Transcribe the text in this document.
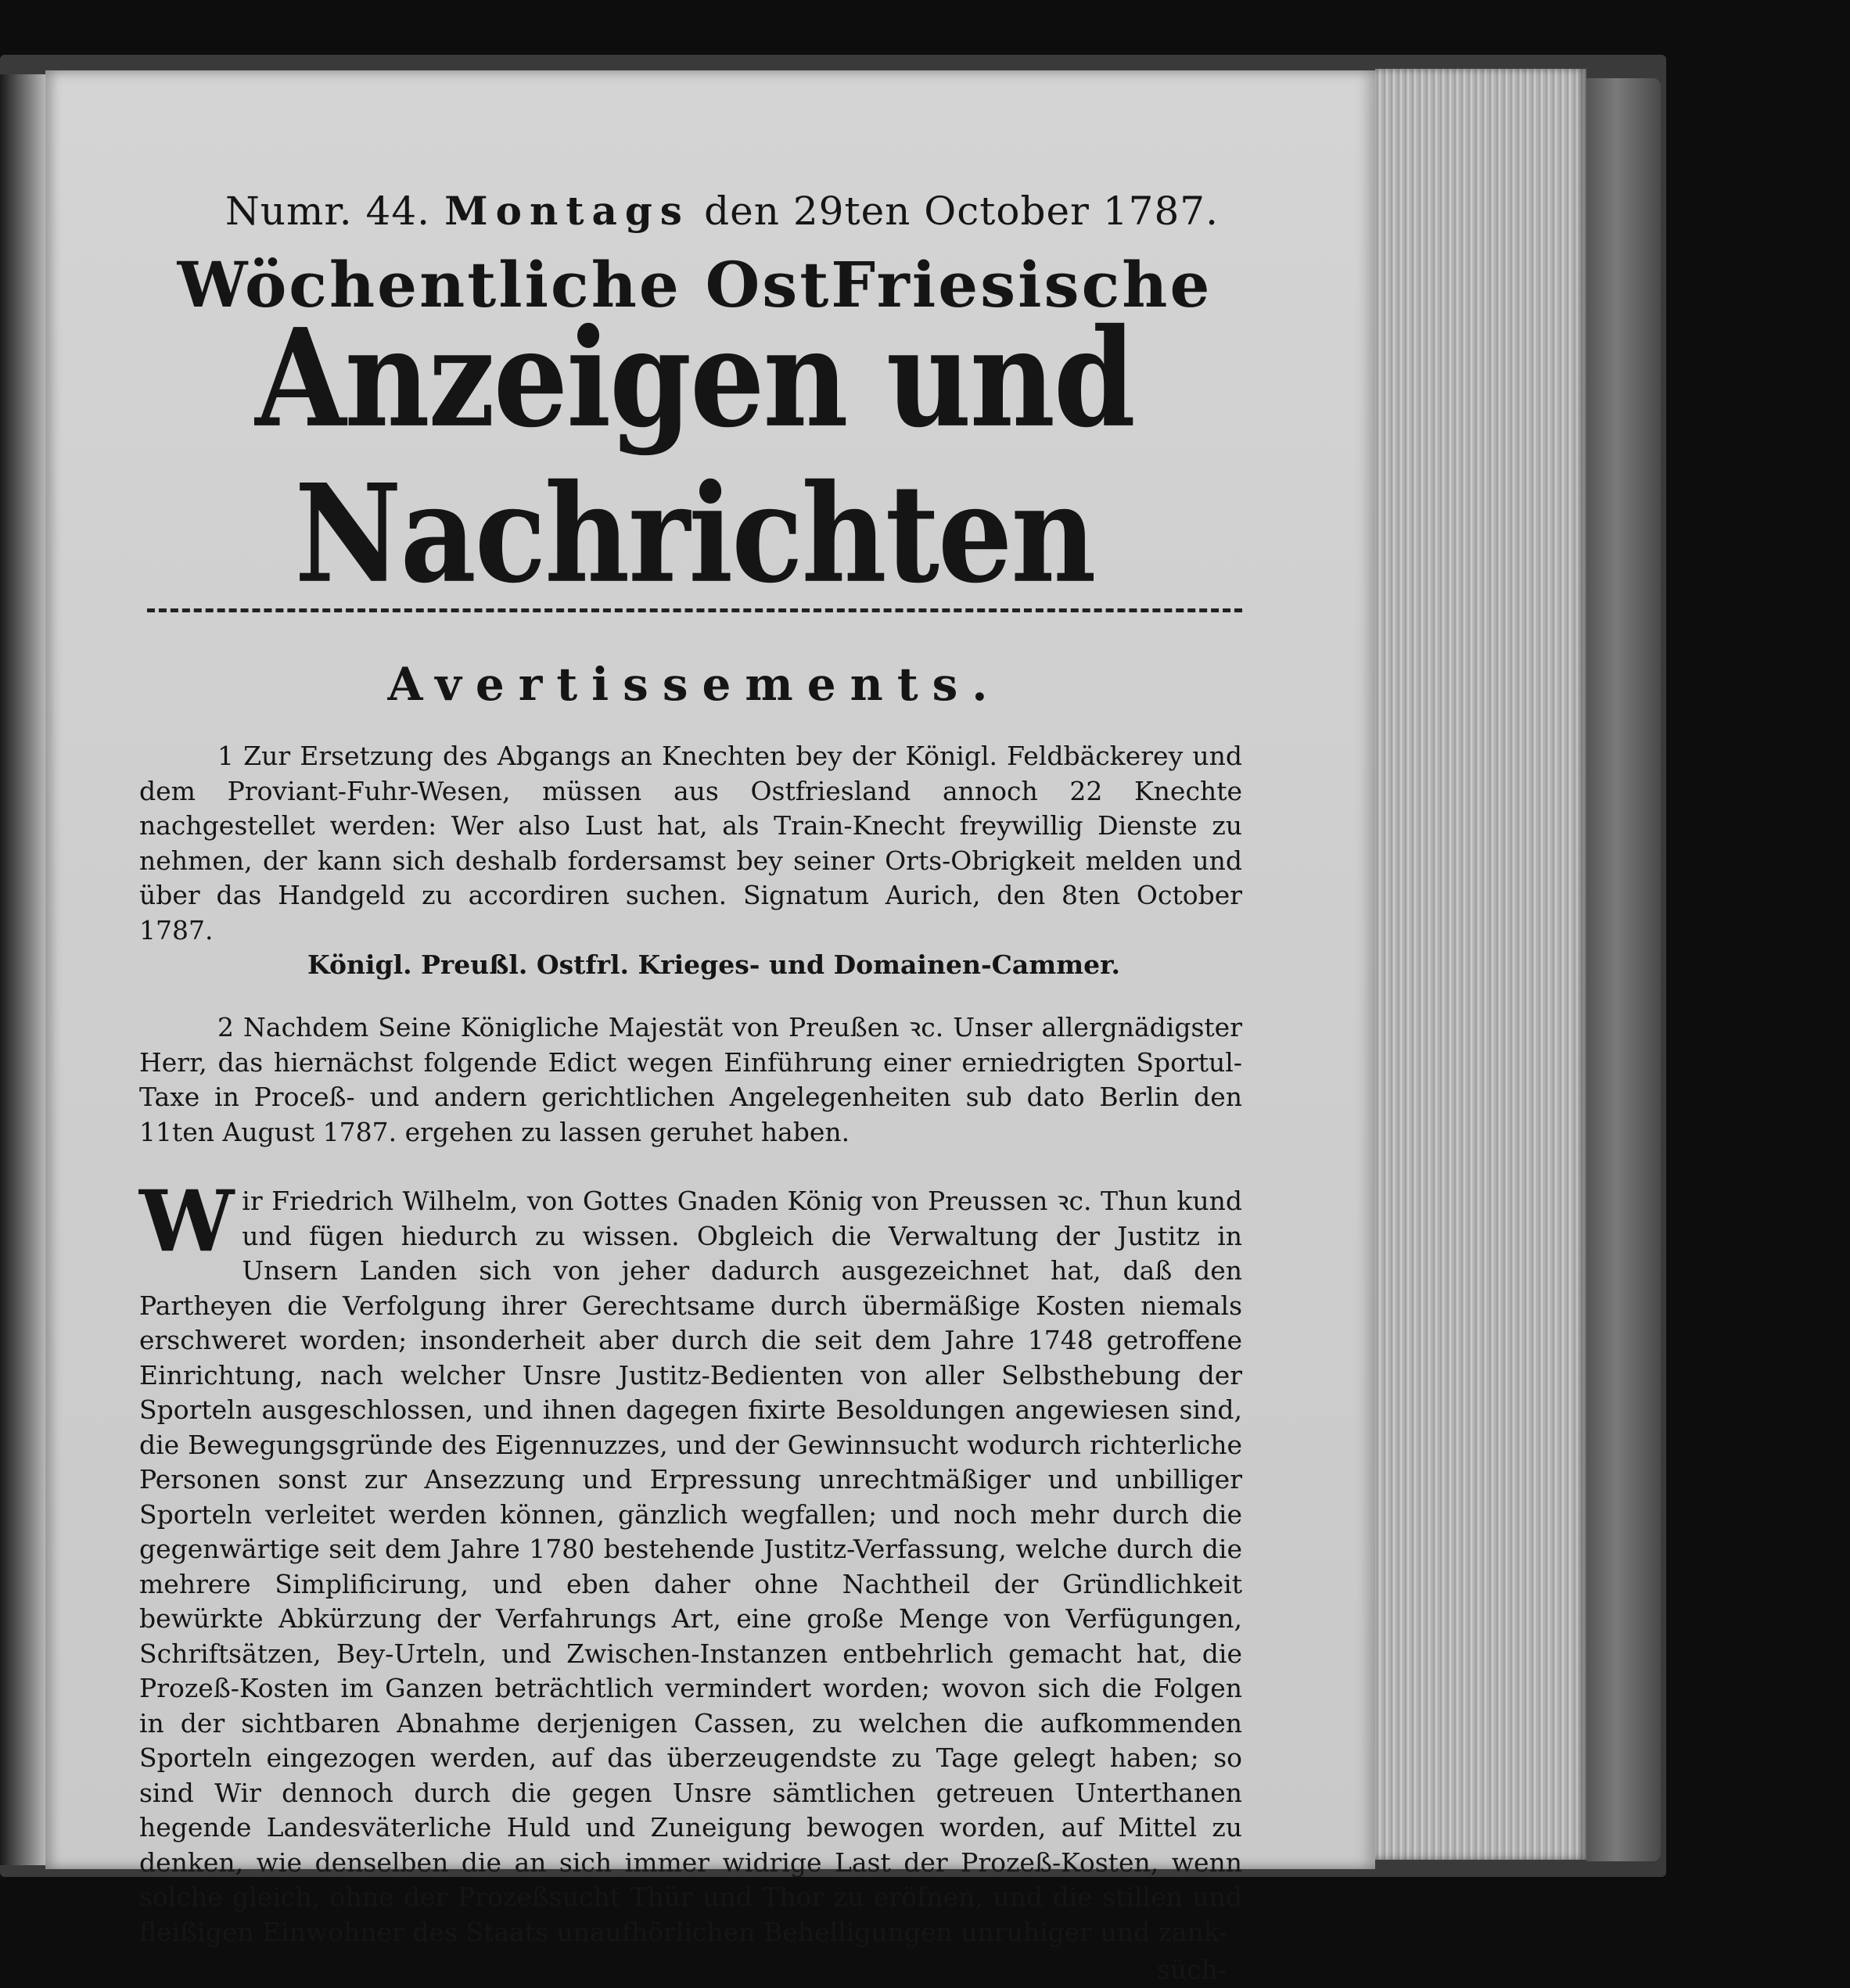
Numr. 44. Montags den 29ten October 1787.
Wöchentliche OstFriesische
Anzeigen und Nachrichten
Avertissements.

1 Zur Ersetzung des Abgangs an Knechten bey der Königl. Feldbäckerey und dem Proviant-Fuhr-Wesen, müssen aus Ostfriesland annoch 22 Knechte nachgestellet werden: Wer also Lust hat, als Train-Knecht freywillig Dienste zu nehmen, der kann sich deshalb fordersamst bey seiner Orts-Obrigkeit melden und über das Handgeld zu accordiren suchen. Signatum Aurich, den 8ten October 1787.

Königl. Preußl. Ostfrl. Krieges- und Domainen-Cammer.

2 Nachdem Seine Königliche Majestät von Preußen ꝛc. Unser allergnädigster Herr, das hiernächst folgende Edict wegen Einführung einer erniedrigten Sportul-Taxe in Proceß- und andern gerichtlichen Angelegenheiten sub dato Berlin den 11ten August 1787. ergehen zu lassen geruhet haben.

W ir Friedrich Wilhelm, von Gottes Gnaden König von Preussen ꝛc. Thun kund und fügen hiedurch zu wissen. Obgleich die Verwaltung der Justitz in Unsern Landen sich von jeher dadurch ausgezeichnet hat, daß den Partheyen die Verfolgung ihrer Gerechtsame durch übermäßige Kosten niemals erschweret worden; insonderheit aber durch die seit dem Jahre 1748 getroffene Einrichtung, nach welcher Unsre Justitz-Bedienten von aller Selbsthebung der Sporteln ausgeschlossen, und ihnen dagegen fixirte Besoldungen angewiesen sind, die Bewegungsgründe des Eigennuzzes, und der Gewinnsucht wodurch richterliche Personen sonst zur Ansezzung und Erpressung unrechtmäßiger und unbilliger Sporteln verleitet werden können, gänzlich wegfallen; und noch mehr durch die gegenwärtige seit dem Jahre 1780 bestehende Justitz-Verfassung, welche durch die mehrere Simplificirung, und eben daher ohne Nachtheil der Gründlichkeit bewürkte Abkürzung der Verfahrungs Art, eine große Menge von Verfügungen, Schriftsätzen, Bey-Urteln, und Zwischen-Instanzen entbehrlich gemacht hat, die Prozeß-Kosten im Ganzen beträchtlich vermindert worden; wovon sich die Folgen in der sichtbaren Abnahme derjenigen Cassen, zu welchen die aufkommenden Sporteln eingezogen werden, auf das überzeugendste zu Tage gelegt haben; so sind Wir dennoch durch die gegen Unsre sämtlichen getreuen Unterthanen hegende Landesväterliche Huld und Zuneigung bewogen worden, auf Mittel zu denken, wie denselben die an sich immer widrige Last der Prozeß-Kosten, wenn solche gleich, ohne der Prozeßsucht Thür und Thor zu eröfnen, und die stillen und fleißigen Einwohner des Staats unaufhörlichen Behelligungen unruhiger und zank-

süch-
